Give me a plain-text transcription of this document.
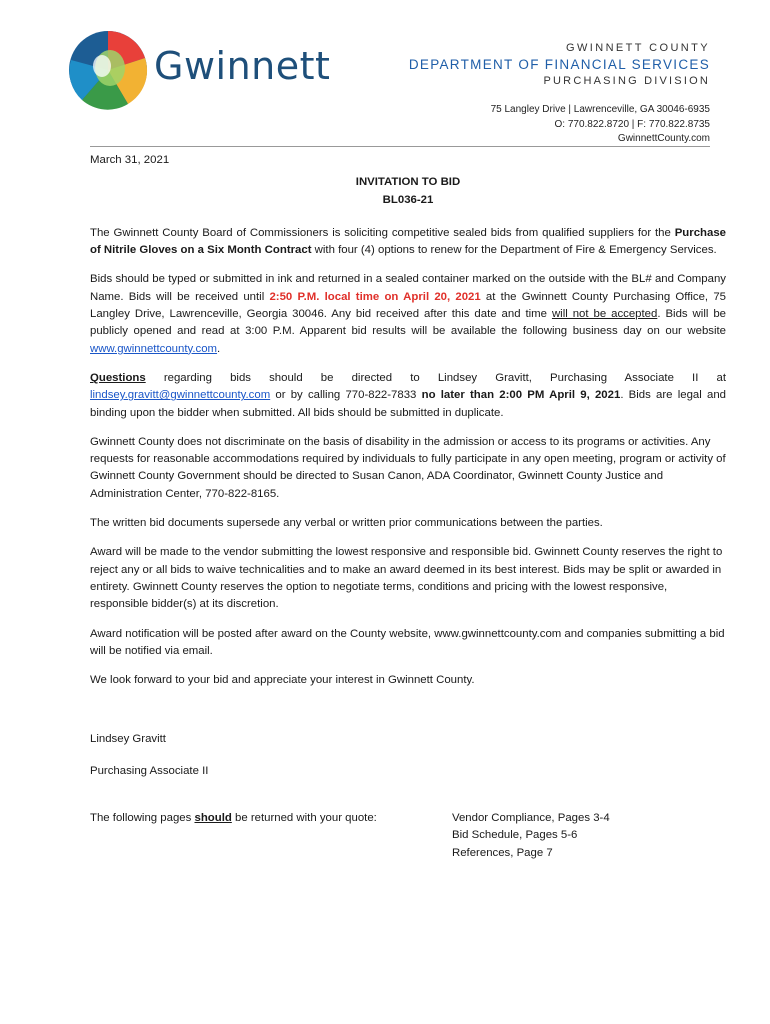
Gwinnett	GWINNETT COUNTY
DEPARTMENT OF FINANCIAL SERVICES
PURCHASING DIVISION
75 Langley Drive | Lawrenceville, GA 30046-6935
O: 770.822.8720 | F: 770.822.8735
GwinnettCounty.com

March 31, 2021

INVITATION TO BID

BL036-21

The Gwinnett County Board of Commissioners is soliciting competitive sealed bids from qualified suppliers for the Purchase of Nitrile Gloves on a Six Month Contract with four (4) options to renew for the Department of Fire & Emergency Services.

Bids should be typed or submitted in ink and returned in a sealed container marked on the outside with the BL# and Company Name. Bids will be received until 2:50 P.M. local time on April 20, 2021 at the Gwinnett County Purchasing Office, 75 Langley Drive, Lawrenceville, Georgia 30046. Any bid received after this date and time will not be accepted. Bids will be publicly opened and read at 3:00 P.M. Apparent bid results will be available the following business day on our website www.gwinnettcounty.com.

Questions regarding bids should be directed to Lindsey Gravitt, Purchasing Associate II at lindsey.gravitt@gwinnettcounty.com or by calling 770-822-7833 no later than 2:00 PM April 9, 2021. Bids are legal and binding upon the bidder when submitted. All bids should be submitted in duplicate.

Gwinnett County does not discriminate on the basis of disability in the admission or access to its programs or activities. Any requests for reasonable accommodations required by individuals to fully participate in any open meeting, program or activity of Gwinnett County Government should be directed to Susan Canon, ADA Coordinator, Gwinnett County Justice and Administration Center, 770-822-8165.

The written bid documents supersede any verbal or written prior communications between the parties.

Award will be made to the vendor submitting the lowest responsive and responsible bid. Gwinnett County reserves the right to reject any or all bids to waive technicalities and to make an award deemed in its best interest. Bids may be split or awarded in entirety. Gwinnett County reserves the option to negotiate terms, conditions and pricing with the lowest responsive, responsible bidder(s) at its discretion.

Award notification will be posted after award on the County website, www.gwinnettcounty.com and companies submitting a bid will be notified via email.

We look forward to your bid and appreciate your interest in Gwinnett County.

Lindsey Gravitt

Purchasing Associate II

The following pages should be returned with your quote:	Vendor Compliance, Pages 3-4
Bid Schedule, Pages 5-6
References, Page 7
